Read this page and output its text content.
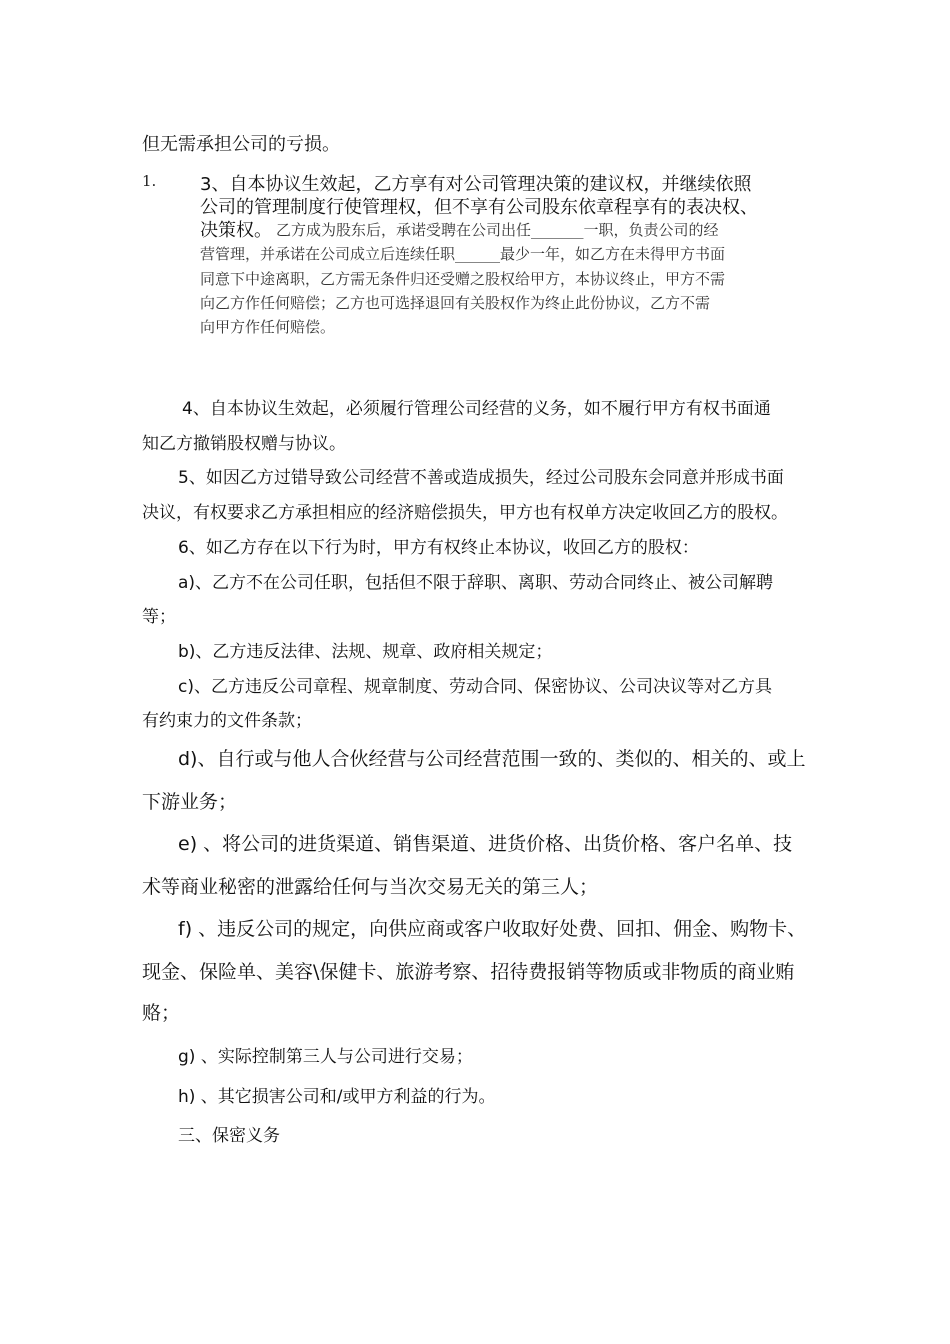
但无需承担公司的亏损。
1. 3、自本协议生效起，乙方享有对公司管理决策的建议权，并继续依照
公司的管理制度行使管理权，但不享有公司股东依章程享有的表决权、
决策权。 乙方成为股东后，承诺受聘在公司出任_______一职，负责公司的经
营管理，并承诺在公司成立后连续任职______最少一年，如乙方在未得甲方书面
同意下中途离职，乙方需无条件归还受赠之股权给甲方，本协议终止，甲方不需
向乙方作任何赔偿；乙方也可选择退回有关股权作为终止此份协议，乙方不需
向甲方作任何赔偿。
4、自本协议生效起，必须履行管理公司经营的义务，如不履行甲方有权书面通
知乙方撤销股权赠与协议。
5、如因乙方过错导致公司经营不善或造成损失，经过公司股东会同意并形成书面
决议，有权要求乙方承担相应的经济赔偿损失，甲方也有权单方决定收回乙方的股权。
6、如乙方存在以下行为时，甲方有权终止本协议，收回乙方的股权：
a)、乙方不在公司任职，包括但不限于辞职、离职、劳动合同终止、被公司解聘
等；
b)、乙方违反法律、法规、规章、政府相关规定；
c)、乙方违反公司章程、规章制度、劳动合同、保密协议、公司决议等对乙方具
有约束力的文件条款；
d)、自行或与他人合伙经营与公司经营范围一致的、类似的、相关的、或上
下游业务；
e) 、将公司的进货渠道、销售渠道、进货价格、出货价格、客户名单、技
术等商业秘密的泄露给任何与当次交易无关的第三人；
f) 、违反公司的规定，向供应商或客户收取好处费、回扣、佣金、购物卡、
现金、保险单、美容\保健卡、旅游考察、招待费报销等物质或非物质的商业贿
赂；
g) 、实际控制第三人与公司进行交易；
h) 、其它损害公司和/或甲方利益的行为。
三、保密义务
